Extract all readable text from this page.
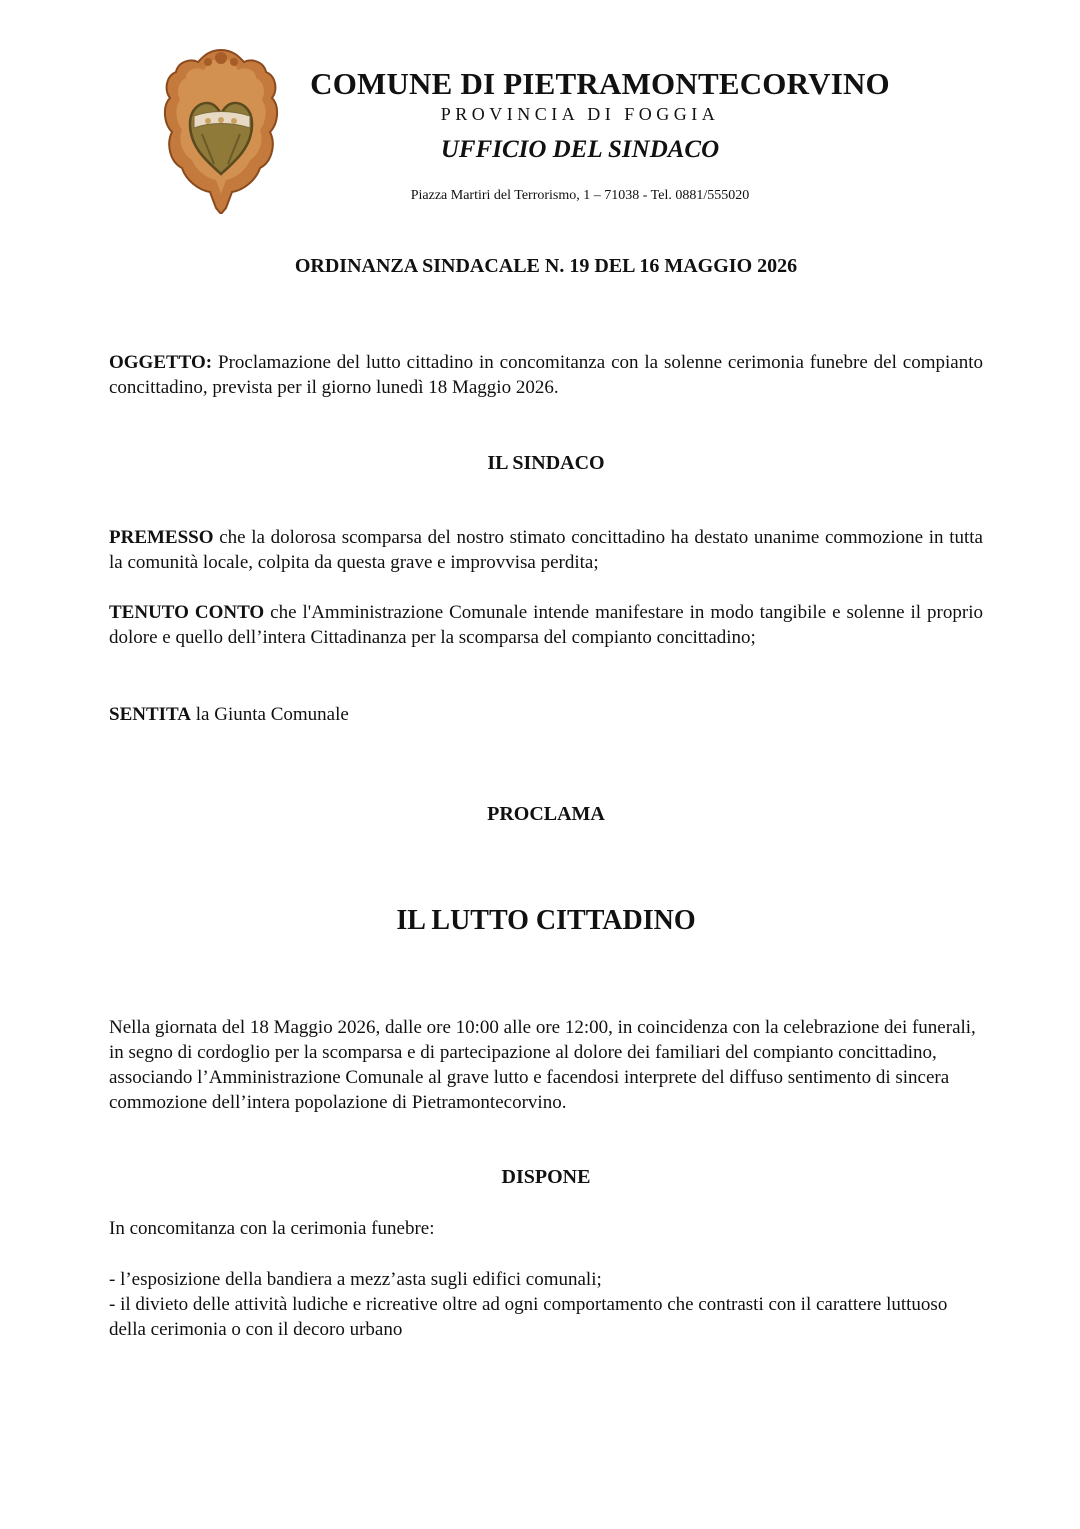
COMUNE DI PIETRAMONTECORVINO
PROVINCIA DI FOGGIA
UFFICIO DEL SINDACO
Piazza Martiri del Terrorismo, 1 – 71038 - Tel. 0881/555020
ORDINANZA SINDACALE N. 19 DEL 16 MAGGIO 2026
OGGETTO: Proclamazione del lutto cittadino in concomitanza con la solenne cerimonia funebre del compianto concittadino, prevista per il giorno lunedì 18 Maggio 2026.
IL SINDACO
PREMESSO che la dolorosa scomparsa del nostro stimato concittadino ha destato unanime commozione in tutta la comunità locale, colpita da questa grave e improvvisa perdita;
TENUTO CONTO che l'Amministrazione Comunale intende manifestare in modo tangibile e solenne il proprio dolore e quello dell’intera Cittadinanza per la scomparsa del compianto concittadino;
SENTITA la Giunta Comunale
PROCLAMA
IL LUTTO CITTADINO
Nella giornata del 18 Maggio 2026, dalle ore 10:00 alle ore 12:00, in coincidenza con la celebrazione dei funerali, in segno di cordoglio per la scomparsa e di partecipazione al dolore dei familiari del compianto concittadino, associando l’Amministrazione Comunale al grave lutto e facendosi interprete del diffuso sentimento di sincera commozione dell’intera popolazione di Pietramontecorvino.
DISPONE
In concomitanza con la cerimonia funebre:
- l’esposizione della bandiera a mezz’asta sugli edifici comunali;
- il divieto delle attività ludiche e ricreative oltre ad ogni comportamento che contrasti con il carattere luttuoso della cerimonia o con il decoro urbano
